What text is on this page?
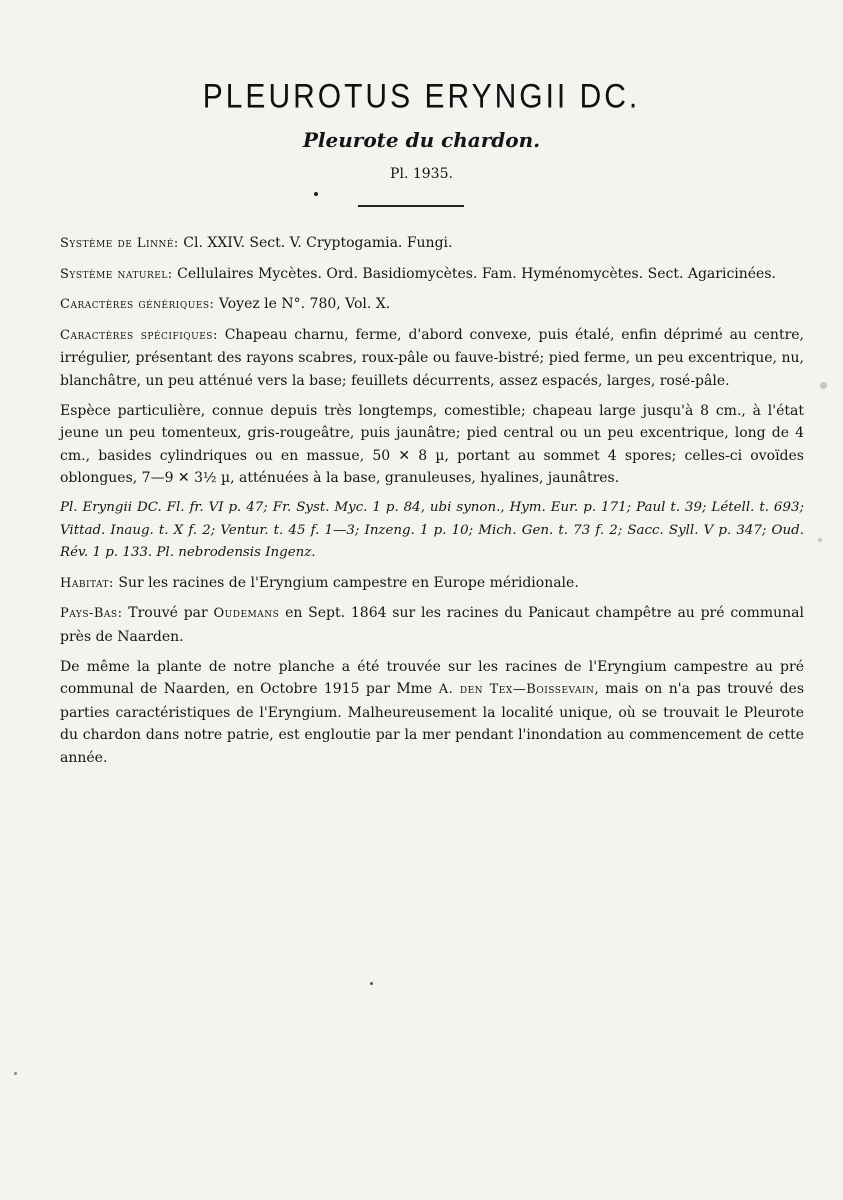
PLEUROTUS ERYNGII DC.
Pleurote du chardon.
Pl. 1935.

Système de Linné: Cl. XXIV. Sect. V. Cryptogamia. Fungi.

Système naturel: Cellulaires Mycètes. Ord. Basidiomycètes. Fam. Hyménomycètes. Sect. Agaricinées.

Caractères génériques: Voyez le N°. 780, Vol. X.

Caractères spécifiques: Chapeau charnu, ferme, d'abord convexe, puis étalé, enfin déprimé au centre, irrégulier, présentant des rayons scabres, roux-pâle ou fauve-bistré; pied ferme, un peu excentrique, nu, blanchâtre, un peu atténué vers la base; feuillets décurrents, assez espacés, larges, rosé-pâle.

Espèce particulière, connue depuis très longtemps, comestible; chapeau large jusqu'à 8 cm., à l'état jeune un peu tomenteux, gris-rougeâtre, puis jaunâtre; pied central ou un peu excentrique, long de 4 cm., basides cylindriques ou en massue, 50 ✕ 8 µ, portant au sommet 4 spores; celles-ci ovoïdes oblongues, 7—9 ✕ 3½ µ, atténuées à la base, granuleuses, hyalines, jaunâtres.

Pl. Eryngii DC. Fl. fr. VI p. 47; Fr. Syst. Myc. 1 p. 84, ubi synon., Hym. Eur. p. 171; Paul t. 39; Létell. t. 693; Vittad. Inaug. t. X f. 2; Ventur. t. 45 f. 1—3; Inzeng. 1 p. 10; Mich. Gen. t. 73 f. 2; Sacc. Syll. V p. 347; Oud. Rév. 1 p. 133. Pl. nebrodensis Ingenz.

Habitat: Sur les racines de l'Eryngium campestre en Europe méridionale.

Pays-Bas: Trouvé par Oudemans en Sept. 1864 sur les racines du Panicaut champêtre au pré communal près de Naarden.

De même la plante de notre planche a été trouvée sur les racines de l'Eryngium campestre au pré communal de Naarden, en Octobre 1915 par Mme A. den Tex—Boissevain, mais on n'a pas trouvé des parties caractéristiques de l'Eryngium. Malheureusement la localité unique, où se trouvait le Pleurote du chardon dans notre patrie, est engloutie par la mer pendant l'inondation au commencement de cette année.
